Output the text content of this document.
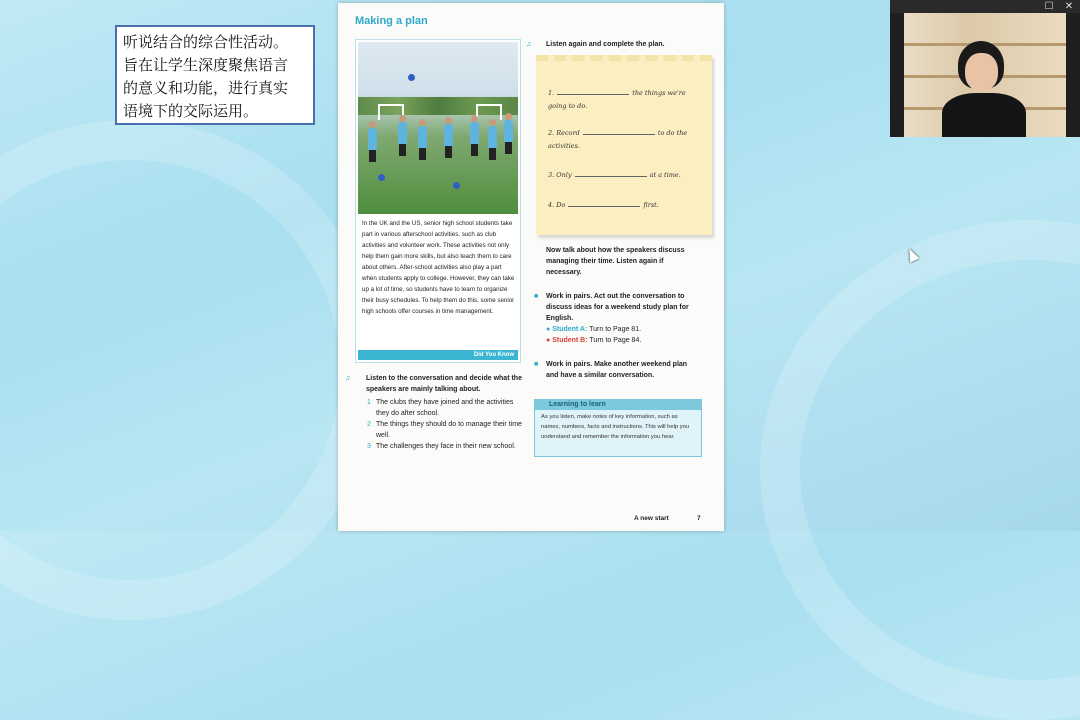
听说结合的综合性活动。
旨在让学生深度聚焦语言
的意义和功能，进行真实
语境下的交际运用。
Making a plan
In the UK and the US, senior high school students take part in various afterschool activities, such as club activities and volunteer work. These activities not only help them gain more skills, but also teach them to care about others. After-school activities also play a part when students apply to college. However, they can take up a lot of time, so students have to learn to organize their busy schedules. To help them do this, some senior high schools offer courses in time management.
Did You Know
♫ Listen to the conversation and decide what the speakers are mainly talking about.
1 The clubs they have joined and the activities they do after school.
2 The things they should do to manage their time well.
3 The challenges they face in their new school.
♫ Listen again and complete the plan.
1.	the things we're going to do.
2. Record	to do the activities.
3. Only	at a time.
4. Do	first.
Now talk about how the speakers discuss managing their time. Listen again if necessary.
■ Work in pairs. Act out the conversation to discuss ideas for a weekend study plan for English.
● Student A: Turn to Page 81.
● Student B: Turn to Page 84.
■ Work in pairs. Make another weekend plan and have a similar conversation.
Learning to learn
As you listen, make notes of key information, such as names, numbers, facts and instructions. This will help you understand and remember the information you hear.
A new start	7
☐	✕
